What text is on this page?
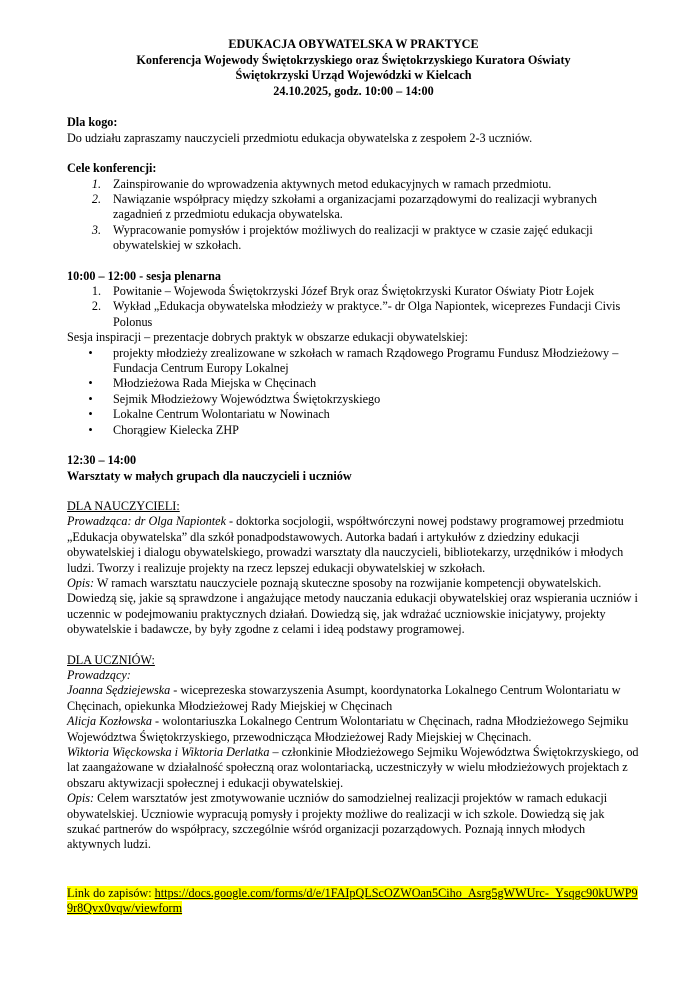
EDUKACJA OBYWATELSKA W PRAKTYCE
Konferencja Wojewody Świętokrzyskiego oraz Świętokrzyskiego Kuratora Oświaty
Świętokrzyski Urząd Wojewódzki w Kielcach
24.10.2025, godz. 10:00 – 14:00

Dla kogo:

Do udziału zapraszamy nauczycieli przedmiotu edukacja obywatelska z zespołem 2-3 uczniów.

Cele konferencji:

1. Zainspirowanie do wprowadzenia aktywnych metod edukacyjnych w ramach przedmiotu.
2. Nawiązanie współpracy między szkołami a organizacjami pozarządowymi do realizacji wybranych zagadnień z przedmiotu edukacja obywatelska.
3. Wypracowanie pomysłów i projektów możliwych do realizacji w praktyce w czasie zajęć edukacji obywatelskiej w szkołach.

10:00 – 12:00 - sesja plenarna

1. Powitanie – Wojewoda Świętokrzyski Józef Bryk oraz Świętokrzyski Kurator Oświaty Piotr Łojek
2. Wykład „Edukacja obywatelska młodzieży w praktyce.”- dr Olga Napiontek, wiceprezes Fundacji Civis Polonus

Sesja inspiracji – prezentacje dobrych praktyk w obszarze edukacji obywatelskiej:

•	projekty młodzieży zrealizowane w szkołach w ramach Rządowego Programu Fundusz Młodzieżowy – Fundacja Centrum Europy Lokalnej
•	Młodzieżowa Rada Miejska w Chęcinach
•	Sejmik Młodzieżowy Województwa Świętokrzyskiego
•	Lokalne Centrum Wolontariatu w Nowinach
•	Chorągiew Kielecka ZHP

12:30 – 14:00

Warsztaty w małych grupach dla nauczycieli i uczniów

DLA NAUCZYCIELI:

Prowadząca: dr Olga Napiontek - doktorka socjologii, współtwórczyni nowej podstawy programowej przedmiotu „Edukacja obywatelska” dla szkół ponadpodstawowych. Autorka badań i artykułów z dziedziny edukacji obywatelskiej i dialogu obywatelskiego, prowadzi warsztaty dla nauczycieli, bibliotekarzy, urzędników i młodych ludzi. Tworzy i realizuje projekty na rzecz lepszej edukacji obywatelskiej w szkołach.

Opis: W ramach warsztatu nauczyciele poznają skuteczne sposoby na rozwijanie kompetencji obywatelskich. Dowiedzą się, jakie są sprawdzone i angażujące metody nauczania edukacji obywatelskiej oraz wspierania uczniów i uczennic w podejmowaniu praktycznych działań. Dowiedzą się, jak wdrażać uczniowskie inicjatywy, projekty obywatelskie i badawcze, by były zgodne z celami i ideą podstawy programowej.

DLA UCZNIÓW:

Prowadzący:

Joanna Sędziejewska - wiceprezeska stowarzyszenia Asumpt, koordynatorka Lokalnego Centrum Wolontariatu w Chęcinach, opiekunka Młodzieżowej Rady Miejskiej w Chęcinach

Alicja Kozłowska - wolontariuszka Lokalnego Centrum Wolontariatu w Chęcinach, radna Młodzieżowego Sejmiku Województwa Świętokrzyskiego, przewodnicząca Młodzieżowej Rady Miejskiej w Chęcinach.

Wiktoria Więckowska i Wiktoria Derlatka – członkinie Młodzieżowego Sejmiku Województwa Świętokrzyskiego, od lat zaangażowane w działalność społeczną oraz wolontariacką, uczestniczyły w wielu młodzieżowych projektach z obszaru aktywizacji społecznej i edukacji obywatelskiej.

Opis: Celem warsztatów jest zmotywowanie uczniów do samodzielnej realizacji projektów w ramach edukacji obywatelskiej. Uczniowie wypracują pomysły i projekty możliwe do realizacji w ich szkole. Dowiedzą się jak szukać partnerów do współpracy, szczególnie wśród organizacji pozarządowych. Poznają innych młodych aktywnych ludzi.

Link do zapisów: https://docs.google.com/forms/d/e/1FAIpQLScOZWOan5Ciho_Asrg5gWWUrc-_Ysqgc90kUWP99r8Qvx0vqw/viewform
